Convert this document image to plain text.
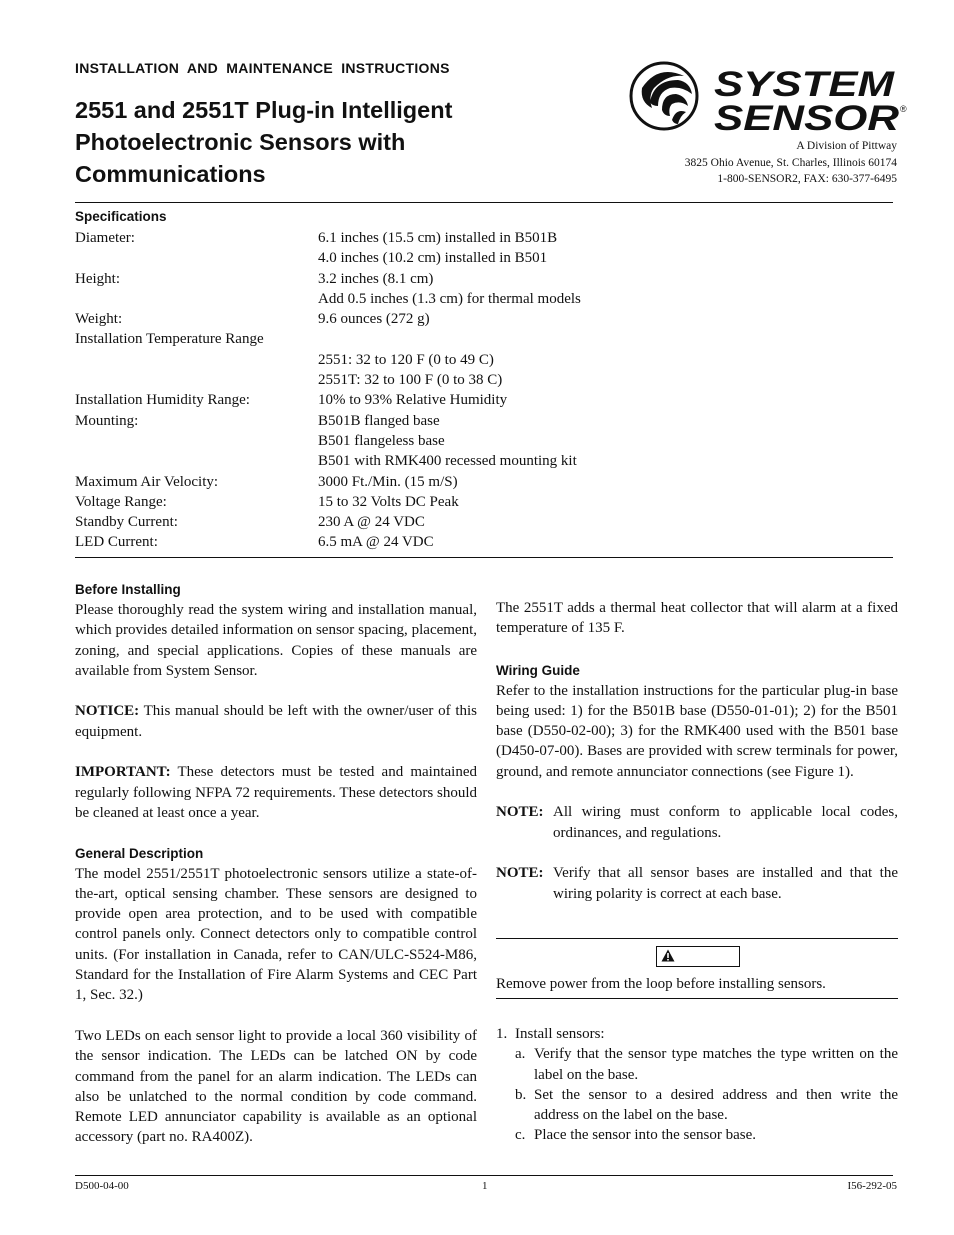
INSTALLATION AND MAINTENANCE INSTRUCTIONS
2551 and 2551T Plug-in Intelligent
Photoelectronic Sensors with
Communications
SYSTEM
SENSOR ®
A Division of Pittway
3825 Ohio Avenue, St. Charles, Illinois 60174
1-800-SENSOR2, FAX: 630-377-6495
Specifications
Diameter:	6.1 inches (15.5 cm) installed in B501B
4.0 inches (10.2 cm) installed in B501
Height:	3.2 inches (8.1 cm)
Add 0.5 inches (1.3 cm) for thermal models
Weight:	9.6 ounces (272 g)
Installation Temperature Range
2551: 32 to 120 F (0 to 49 C)
2551T: 32 to 100 F (0 to 38 C)
Installation Humidity Range:	10% to 93% Relative Humidity
Mounting:	B501B flanged base
B501 flangeless base
B501 with RMK400 recessed mounting kit
Maximum Air Velocity:	3000 Ft./Min. (15 m/S)
Voltage Range:	15 to 32 Volts DC Peak
Standby Current:	230 A @ 24 VDC
LED Current:	6.5 mA @ 24 VDC
Before Installing

Please thoroughly read the system wiring and installation manual, which provides detailed information on sensor spacing, placement, zoning, and special applications. Copies of these manuals are available from System Sensor.

NOTICE: This manual should be left with the owner/user of this equipment.

IMPORTANT: These detectors must be tested and maintained regularly following NFPA 72 requirements. These detectors should be cleaned at least once a year.

General Description

The model 2551/2551T photoelectronic sensors utilize a state-of-the-art, optical sensing chamber. These sensors are designed to provide open area protection, and to be used with compatible control panels only. Connect detectors only to compatible control units. (For installation in Canada, refer to CAN/ULC-S524-M86, Standard for the Installation of Fire Alarm Systems and CEC Part 1, Sec. 32.)

Two LEDs on each sensor light to provide a local 360 visibility of the sensor indication. The LEDs can be latched ON by code command from the panel for an alarm indication. The LEDs can also be unlatched to the normal condition by code command. Remote LED annunciator capability is available as an optional accessory (part no. RA400Z).

The 2551T adds a thermal heat collector that will alarm at a fixed temperature of 135 F.

Wiring Guide

Refer to the installation instructions for the particular plug-in base being used: 1) for the B501B base (D550-01-01); 2) for the B501 base (D550-02-00); 3) for the RMK400 used with the B501 base (D450-07-00). Bases are provided with screw terminals for power, ground, and remote annunciator connections (see Figure 1).

NOTE: All wiring must conform to applicable local codes, ordinances, and regulations.
NOTE: Verify that all sensor bases are installed and that the wiring polarity is correct at each base.

Remove power from the loop before installing sensors.

1. Install sensors:
a. Verify that the sensor type matches the type written on the label on the base.
b. Set the sensor to a desired address and then write the address on the label on the base.
c. Place the sensor into the sensor base.
D500-04-00	1	I56-292-05
